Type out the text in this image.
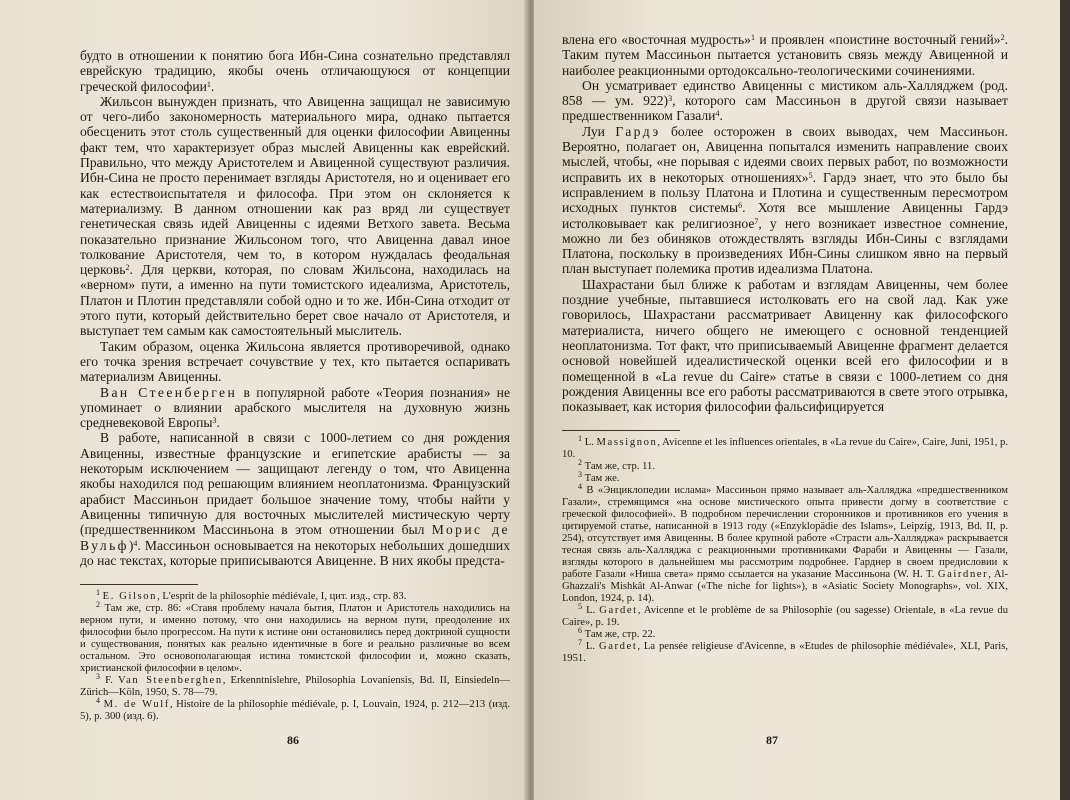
будто в отношении к понятию бога Ибн-Сина сознательно представлял еврейскую традицию, якобы очень отличающуюся от концепции греческой философии$^1$.

Жильсон вынужден признать, что Авиценна защищал не зависимую от чего-либо закономерность материального мира, однако пытается обесценить этот столь существенный для оценки философии Авиценны факт тем, что характеризует образ мыслей Авиценны как еврейский. Правильно, что между Аристотелем и Авиценной существуют различия. Ибн-Сина не просто перенимает взгляды Аристотеля, но и оценивает его как естествоиспытателя и философа. При этом он склоняется к материализму. В данном отношении как раз вряд ли существует генетическая связь идей Авиценны с идеями Ветхого завета. Весьма показательно признание Жильсоном того, что Авиценна давал иное толкование Аристотеля, чем то, в котором нуждалась феодальная церковь$^2$. Для церкви, которая, по словам Жильсона, находилась на «верном» пути, а именно на пути томистского идеализма, Аристотель, Платон и Плотин представляли собой одно и то же. Ибн-Сина отходит от этого пути, который действительно берет свое начало от Аристотеля, и выступает тем самым как самостоятельный мыслитель.

Таким образом, оценка Жильсона является противоречивой, однако его точка зрения встречает сочувствие у тех, кто пытается оспаривать материализм Авиценны.

Ван Стеенберген в популярной работе «Теория познания» не упоминает о влиянии арабского мыслителя на духовную жизнь средневековой Европы$^3$.

В работе, написанной в связи с 1000-летием со дня рождения Авиценны, известные французские и египетские арабисты — за некоторым исключением — защищают легенду о том, что Авиценна якобы находился под решающим влиянием неоплатонизма. Французский арабист Массиньон придает большое значение тому, чтобы найти у Авиценны типичную для восточных мыслителей мистическую черту (предшественником Массиньона в этом отношении был Морис де Вульф)$^4$. Массиньон основывается на некоторых небольших дошедших до нас текстах, которые приписываются Авиценне. В них якобы предста-

$^1$ E. Gilson, L'esprit de la philosophie médiévale, I, цит. изд., стр. 83.

$^2$ Там же, стр. 86: «Ставя проблему начала бытия, Платон и Аристотель находились на верном пути, и именно потому, что они находились на верном пути, преодоление их философии было прогрессом. На пути к истине они остановились перед доктриной сущности и существования, понятых как реально идентичные в боге и реально различные во всем остальном. Это основополагающая истина томистской философии и, можно сказать, христианской философии в целом».

$^3$ F. Van Steenberghen, Erkenntnislehre, Philosophia Lovaniensis, Bd. II, Einsiedeln—Zürich—Köln, 1950, S. 78—79.

$^4$ M. de Wulf, Histoire de la philosophie médiévale, p. I, Louvain, 1924, p. 212—213 (изд. 5), p. 300 (изд. 6).

86

влена его «восточная мудрость»$^1$ и проявлен «поистине восточный гений»$^2$. Таким путем Массиньон пытается установить связь между Авиценной и наиболее реакционными ортодоксально-теологическими сочинениями.

Он усматривает единство Авиценны с мистиком аль-Халляджем (род. 858 — ум. 922)$^3$, которого сам Массиньон в другой связи называет предшественником Газали$^4$.

Луи Гардэ более осторожен в своих выводах, чем Массиньон. Вероятно, полагает он, Авиценна попытался изменить направление своих мыслей, чтобы, «не порывая с идеями своих первых работ, по возможности исправить их в некоторых отношениях»$^5$. Гардэ знает, что это было бы исправлением в пользу Платона и Плотина и существенным пересмотром исходных пунктов системы$^6$. Хотя все мышление Авиценны Гардэ истолковывает как религиозное$^7$, у него возникает известное сомнение, можно ли без обиняков отождествлять взгляды Ибн-Сины с взглядами Платона, поскольку в произведениях Ибн-Сины слишком явно на первый план выступает полемика против идеализма Платона.

Шахрастани был ближе к работам и взглядам Авиценны, чем более поздние учебные, пытавшиеся истолковать его на свой лад. Как уже говорилось, Шахрастани рассматривает Авиценну как философского материалиста, ничего общего не имеющего с основной тенденцией неоплатонизма. Тот факт, что приписываемый Авиценне фрагмент делается основой новейшей идеалистической оценки всей его философии и в помещенной в «La revue du Caire» статье в связи с 1000-летием со дня рождения Авиценны все его работы рассматриваются в свете этого отрывка, показывает, как история философии фальсифицируется

$^1$ L. Massignon, Avicenne et les influences orientales, в «La revue du Caire», Caire, Juni, 1951, p. 10.

$^2$ Там же, стр. 11.

$^3$ Там же.

$^4$ В «Энциклопедии ислама» Массиньон прямо называет аль-Халляджа «предшественником Газали», стремящимся «на основе мистического опыта привести догму в соответствие с греческой философией». В подробном перечислении сторонников и противников его учения в цитируемой статье, написанной в 1913 году («Enzyklopädie des Islams», Leipzig, 1913, Bd. II, p. 254), отсутствует имя Авиценны. В более крупной работе «Страсти аль-Халляджа» раскрывается тесная связь аль-Халляджа с реакционными противниками Фараби и Авиценны — Газали, взгляды которого в дальнейшем мы рассмотрим подробнее. Гарднер в своем предисловии к работе Газали «Ниша света» прямо ссылается на указание Массиньона (W. H. T. Gairdner, Al-Ghazzali's Mishkât Al-Anwar («The niche for lights»), в «Asiatic Society Monographs», vol. XIX, London, 1924, p. 14).

$^5$ L. Gardet, Avicenne et le problème de sa Philosophie (ou sagesse) Orientale, в «La revue du Caire», p. 19.

$^6$ Там же, стр. 22.

$^7$ L. Gardet, La pensée religieuse d'Avicenne, в «Etudes de philosophie médiévale», XLI, Paris, 1951.

87
